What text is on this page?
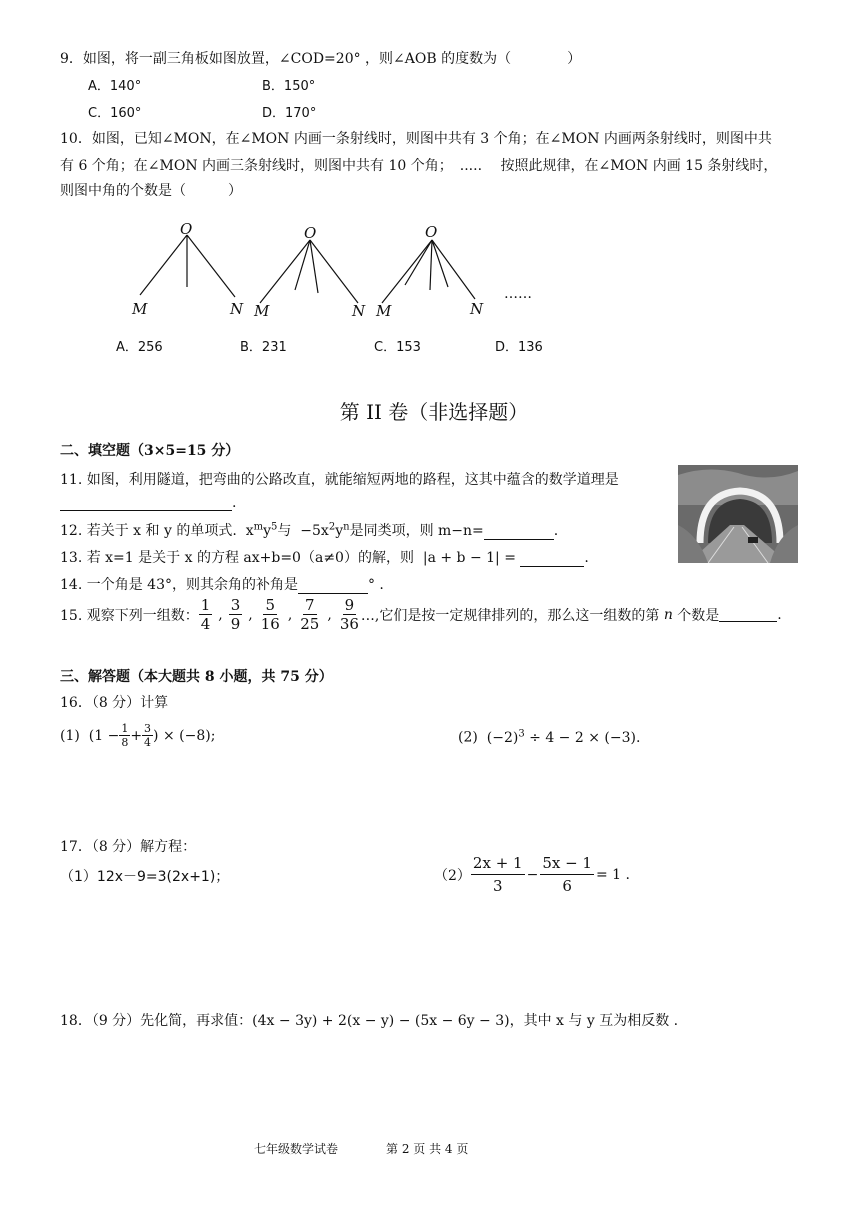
9．如图，将一副三角板如图放置，∠COD=20° ，则∠AOB 的度数为（　　　　）
A．140°	B．150°
C．160°	D．170°
10．如图，已知∠MON，在∠MON 内画一条射线时，则图中共有 3 个角；在∠MON 内画两条射线时，则图中共
有 6 个角；在∠MON 内画三条射线时，则图中共有 10 个角；　.....　 按照此规律，在∠MON 内画 15 条射线时，
则图中角的个数是（　　　）
O
M	N
O
M	N
O
M	N
……
A．256	B．231	C．153	D．136
第 II 卷（非选择题）
二、填空题（3×5=15 分）
11. 如图，利用隧道，把弯曲的公路改直，就能缩短两地的路程，这其中蕴含的数学道理是
.
12. 若关于 x 和 y 的单项式. $x^my^5$与 $-5x^2y^n$是同类项，则 m−n=	.
13. 若 x=1 是关于 x 的方程 ax+b=0（a≠0）的解，则 |a + b − 1| =	.
14. 一个角是 43°，则其余角的补角是	° .
15. 观察下列一组数： $\frac{1}{4}$ , $\frac{3}{9}$ , $\frac{5}{16}$ , $\frac{7}{25}$ , $\frac{9}{36}$ …,它们是按一定规律排列的，那么这一组数的第
n
个数是	.
三、解答题（本大题共 8 小题，共 75 分）
16．（8 分）计算
(1)
($1 - \frac{1}{8} + \frac{3}{4}$ ) × (−8);	(2) $(-2)^3 \div 4 - 2 \times (-3)$.
17．（8 分）解方程：
（1）12x－9=3(2x+1)；	$(2) \frac{2x + 1}{3} - \frac{5x - 1}{6} = 1$ .
18．（9 分）先化简，再求值：(4x − 3y) + 2(x − y) − (5x − 6y − 3)，其中 x 与 y 互为相反数 .
七年级数学试卷	第 2 页 共 4 页
